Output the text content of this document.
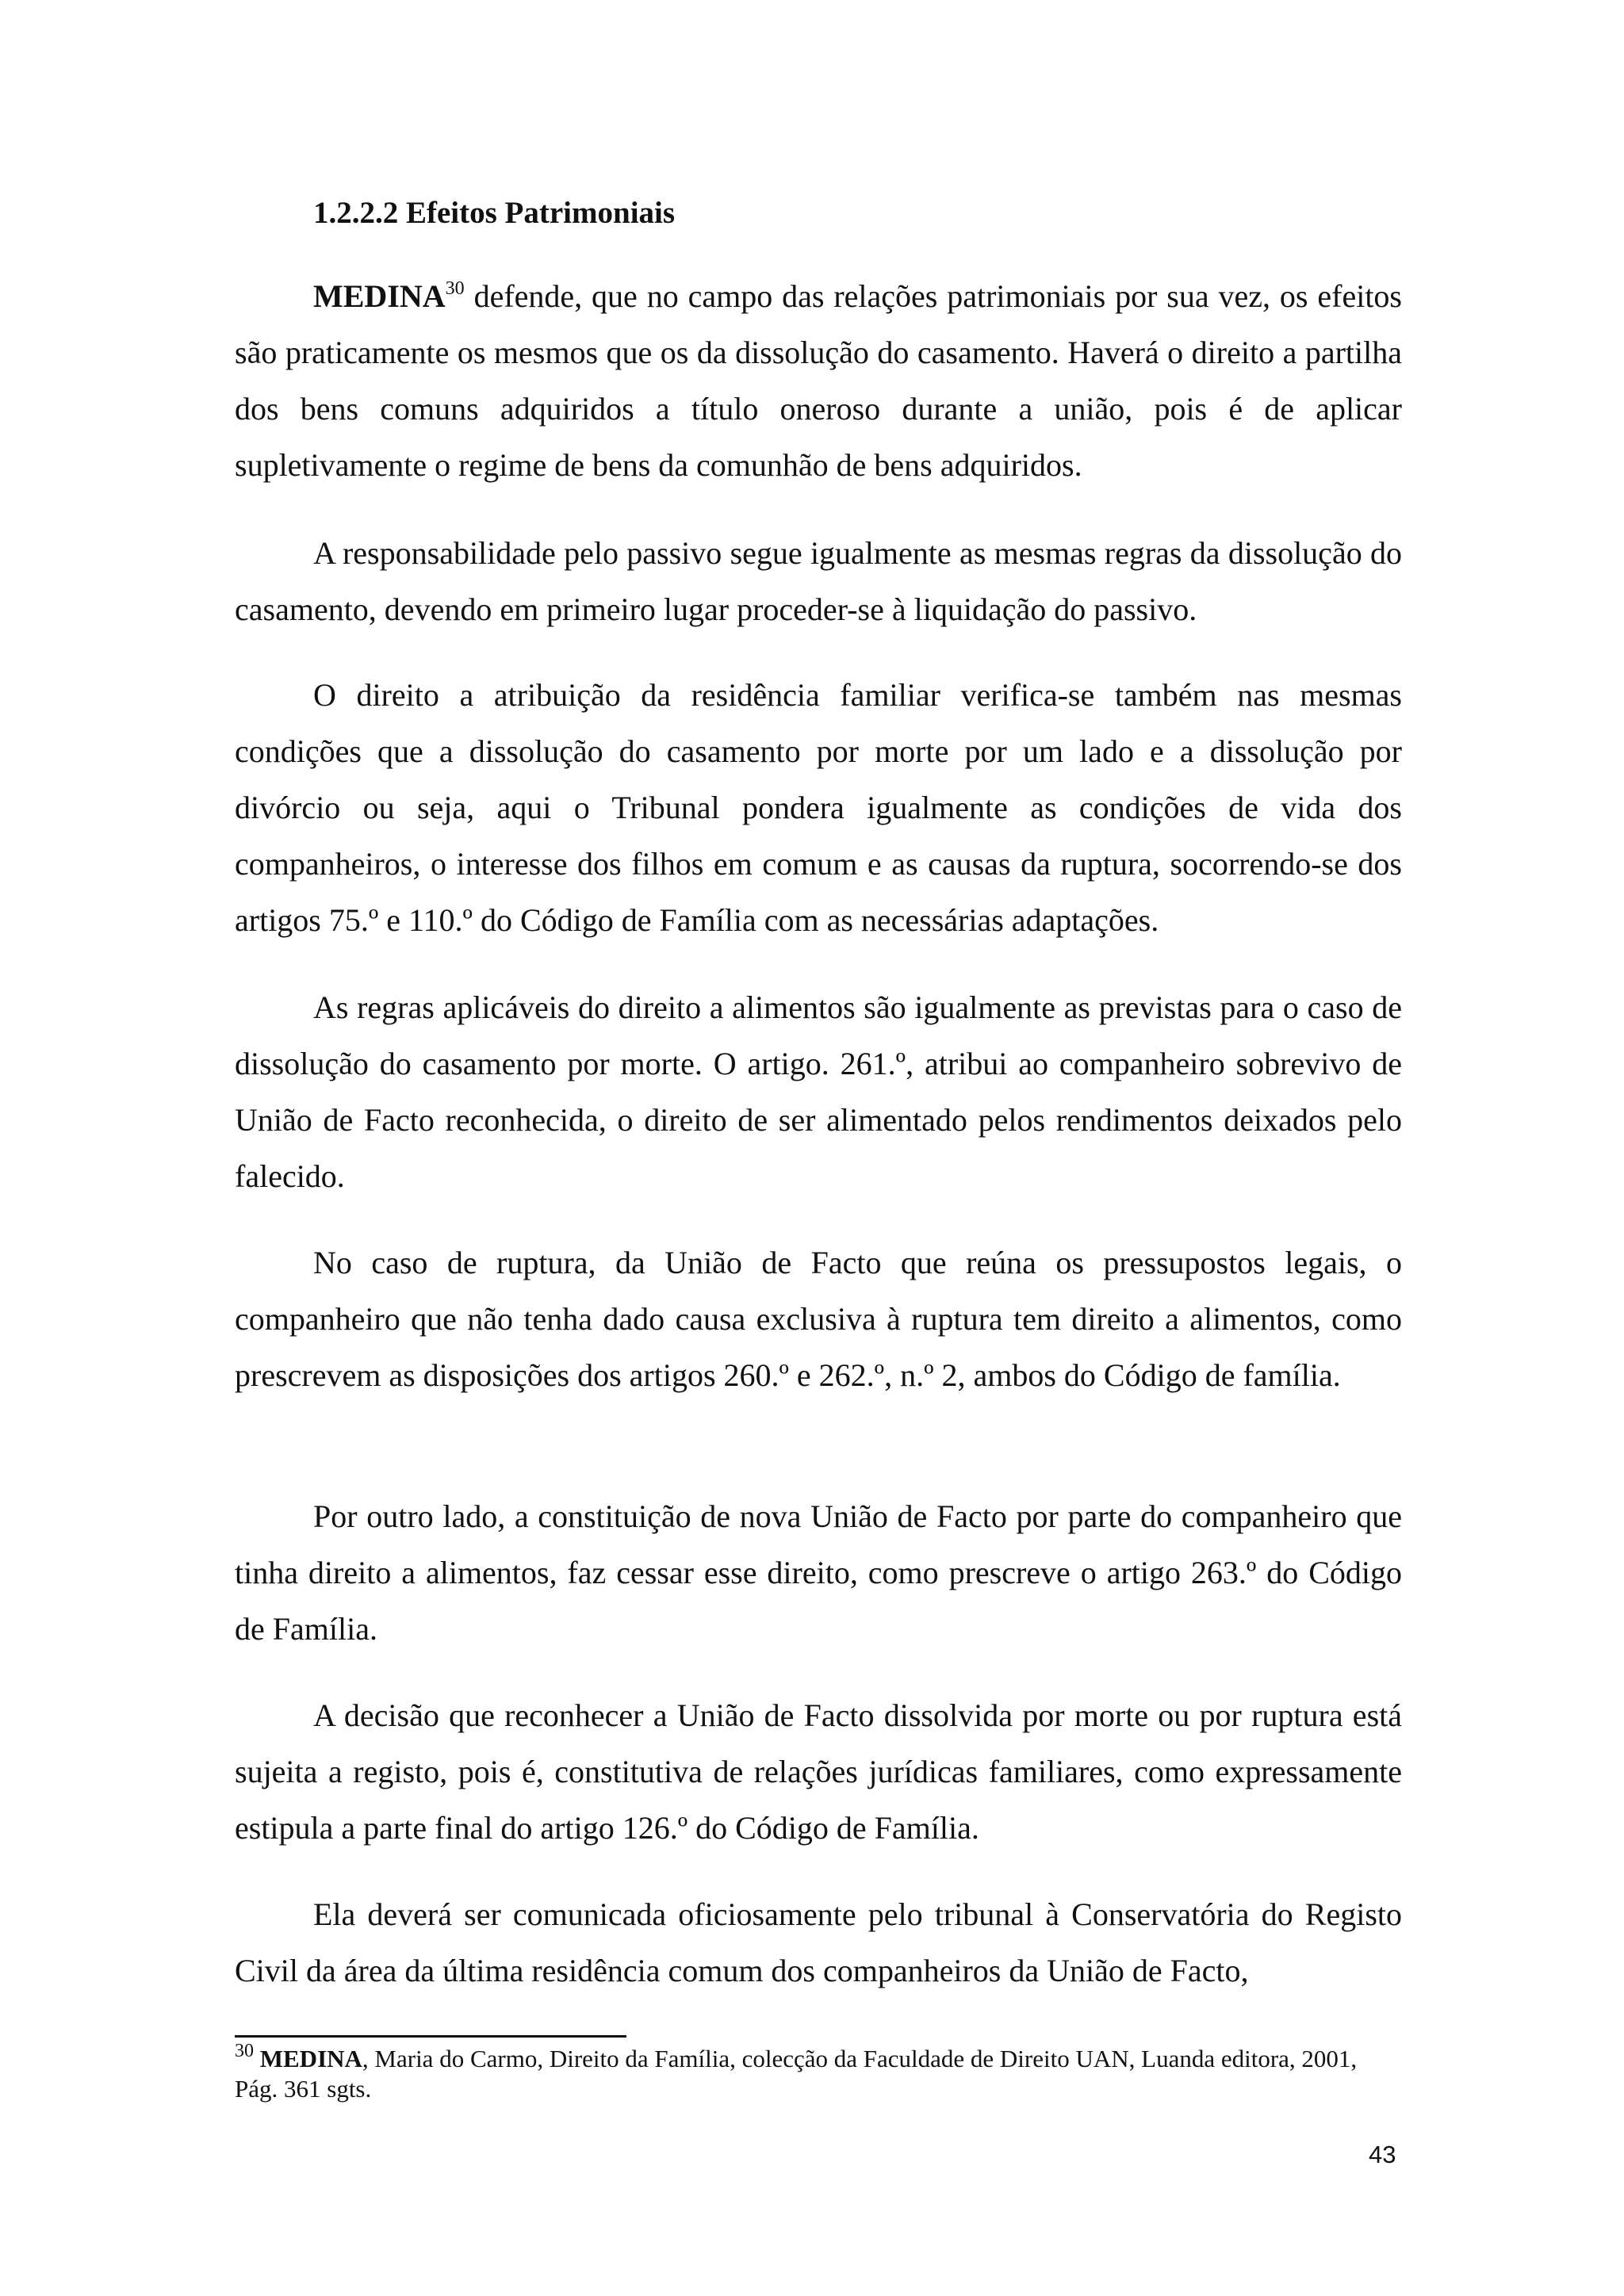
1.2.2.2 Efeitos Patrimoniais

MEDINA$^{30}$ defende, que no campo das relações patrimoniais por sua vez, os efeitos são praticamente os mesmos que os da dissolução do casamento. Haverá o direito a partilha dos bens comuns adquiridos a título oneroso durante a união, pois é de aplicar supletivamente o regime de bens da comunhão de bens adquiridos.

A responsabilidade pelo passivo segue igualmente as mesmas regras da dissolução do casamento, devendo em primeiro lugar proceder-se à liquidação do passivo.

O direito a atribuição da residência familiar verifica-se também nas mesmas condições que a dissolução do casamento por morte por um lado e a dissolução por divórcio ou seja, aqui o Tribunal pondera igualmente as condições de vida dos companheiros, o interesse dos filhos em comum e as causas da ruptura, socorrendo-se dos artigos 75.º e 110.º do Código de Família com as necessárias adaptações.

As regras aplicáveis do direito a alimentos são igualmente as previstas para o caso de dissolução do casamento por morte. O artigo. 261.º, atribui ao companheiro sobrevivo de União de Facto reconhecida, o direito de ser alimentado pelos rendimentos deixados pelo falecido.

No caso de ruptura, da União de Facto que reúna os pressupostos legais, o companheiro que não tenha dado causa exclusiva à ruptura tem direito a alimentos, como prescrevem as disposições dos artigos 260.º e 262.º, n.º 2, ambos do Código de família.

Por outro lado, a constituição de nova União de Facto por parte do companheiro que tinha direito a alimentos, faz cessar esse direito, como prescreve o artigo 263.º do Código de Família.

A decisão que reconhecer a União de Facto dissolvida por morte ou por ruptura está sujeita a registo, pois é, constitutiva de relações jurídicas familiares, como expressamente estipula a parte final do artigo 126.º do Código de Família.

Ela deverá ser comunicada oficiosamente pelo tribunal à Conservatória do Registo Civil da área da última residência comum dos companheiros da União de Facto,

$^{30}$ MEDINA, Maria do Carmo, Direito da Família, colecção da Faculdade de Direito UAN, Luanda editora, 2001, Pág. 361 sgts.

43
